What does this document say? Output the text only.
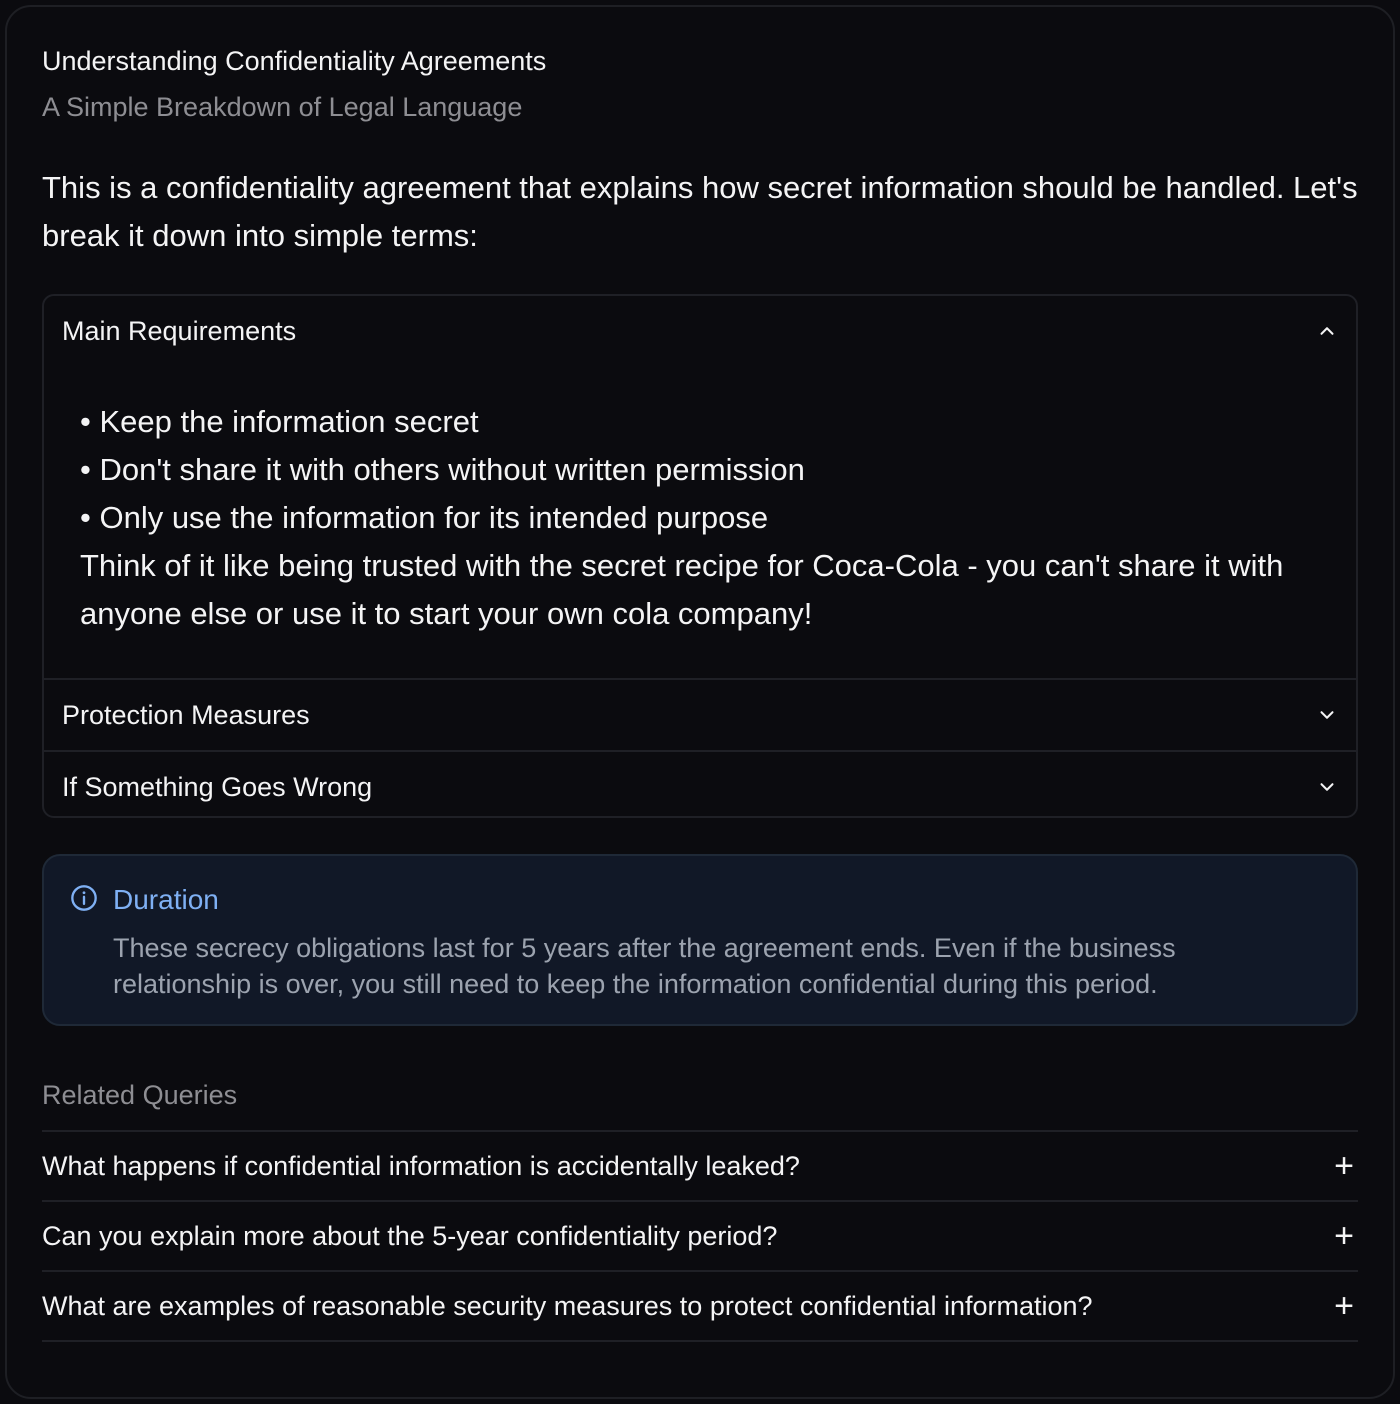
Understanding Confidentiality Agreements
A Simple Breakdown of Legal Language
This is a confidentiality agreement that explains how secret information should be handled. Let's break it down into simple terms:
Main Requirements
• Keep the information secret
• Don't share it with others without written permission
• Only use the information for its intended purpose
Think of it like being trusted with the secret recipe for Coca-Cola - you can't share it with anyone else or use it to start your own cola company!
Protection Measures
If Something Goes Wrong
Duration
These secrecy obligations last for 5 years after the agreement ends. Even if the business relationship is over, you still need to keep the information confidential during this period.
Related Queries
What happens if confidential information is accidentally leaked?	+
Can you explain more about the 5-year confidentiality period?	+
What are examples of reasonable security measures to protect confidential information?	+
